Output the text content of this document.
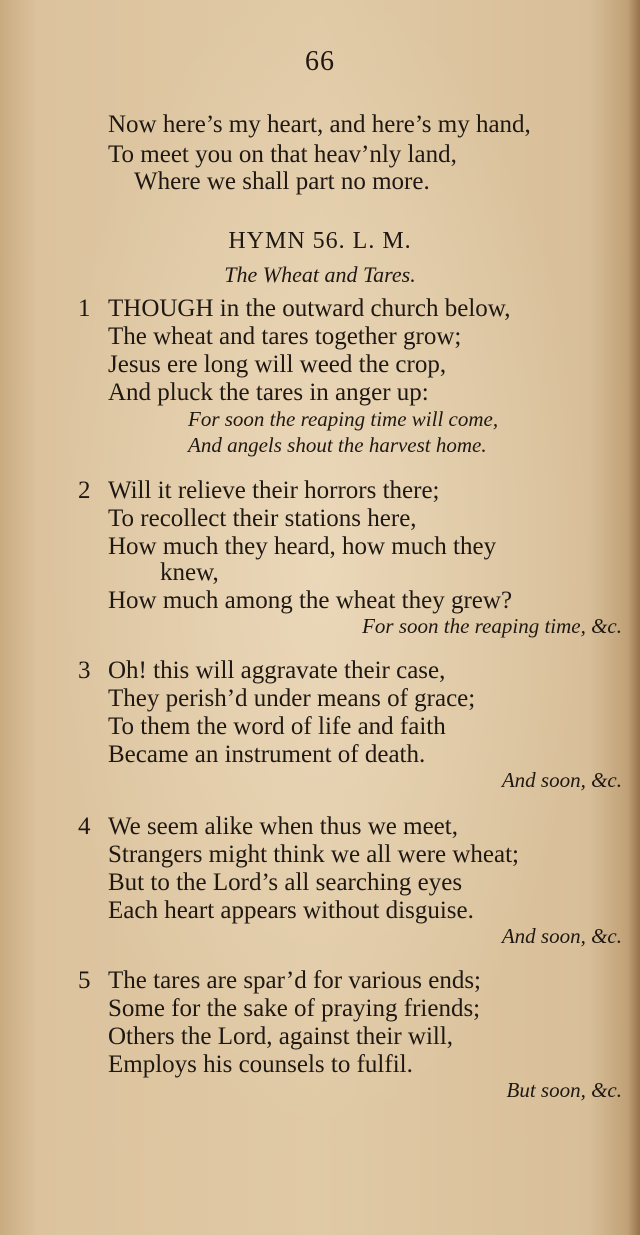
66
Now here’s my heart, and here’s my hand,
To meet you on that heav’nly land,
Where we shall part no more.
HYMN 56. L. M.
The Wheat and Tares.
1 THOUGH in the outward church below,
The wheat and tares together grow;
Jesus ere long will weed the crop,
And pluck the tares in anger up:
For soon the reaping time will come,
And angels shout the harvest home.
2 Will it relieve their horrors there;
To recollect their stations here,
How much they heard, how much they
knew,
How much among the wheat they grew?
For soon the reaping time, &c.
3 Oh! this will aggravate their case,
They perish’d under means of grace;
To them the word of life and faith
Became an instrument of death.
And soon, &c.
4 We seem alike when thus we meet,
Strangers might think we all were wheat;
But to the Lord’s all searching eyes
Each heart appears without disguise.
And soon, &c.
5 The tares are spar’d for various ends;
Some for the sake of praying friends;
Others the Lord, against their will,
Employs his counsels to fulfil.
But soon, &c.
